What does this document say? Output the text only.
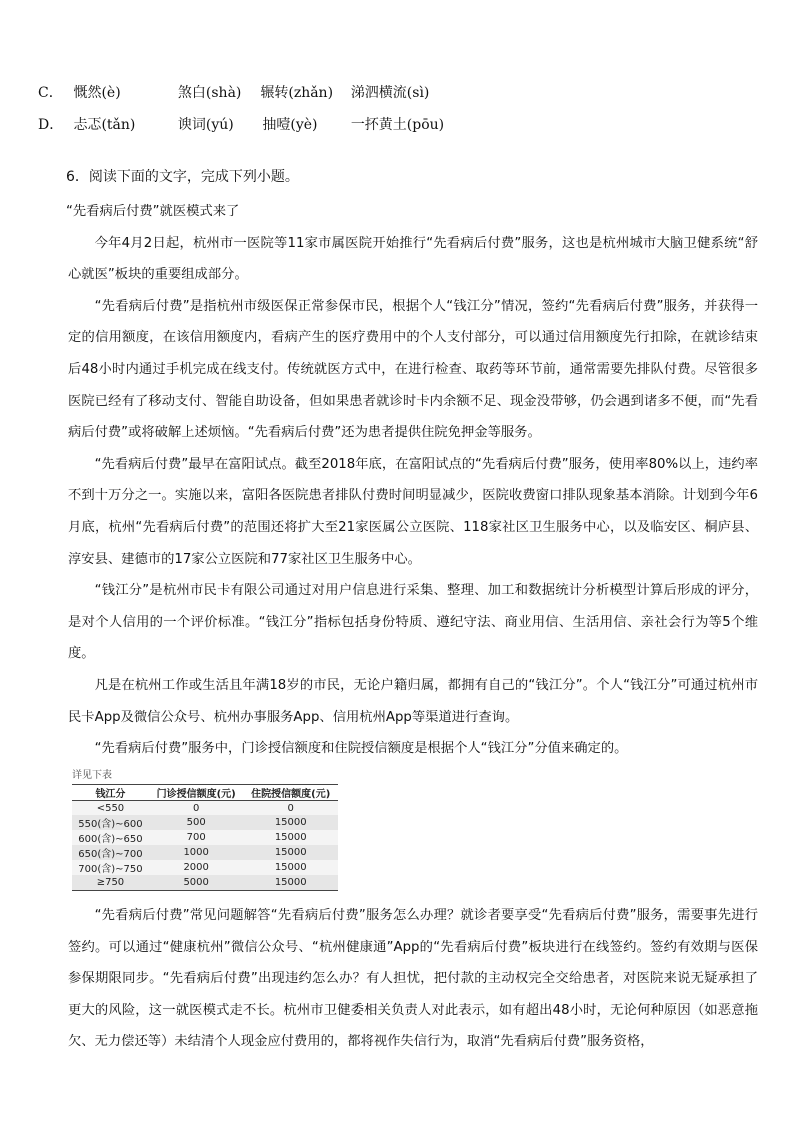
C． 慨然(è)	煞白(shà) 辗转(zhǎn) 涕泗横流(sì)
D． 忐忑(tǎn)	谀词(yú) 抽噎(yè) 一抔黄土(pōu)
6．阅读下面的文字，完成下列小题。

“先看病后付费”就医模式来了

今年4月2日起，杭州市一医院等11家市属医院开始推行“先看病后付费”服务，这也是杭州城市大脑卫健系统“舒心就医”板块的重要组成部分。

“先看病后付费”是指杭州市级医保正常参保市民，根据个人“钱江分”情况，签约“先看病后付费”服务，并获得一定的信用额度，在该信用额度内，看病产生的医疗费用中的个人支付部分，可以通过信用额度先行扣除，在就诊结束后48小时内通过手机完成在线支付。传统就医方式中，在进行检查、取药等环节前，通常需要先排队付费。尽管很多医院已经有了移动支付、智能自助设备，但如果患者就诊时卡内余额不足、现金没带够，仍会遇到诸多不便，而“先看病后付费”或将破解上述烦恼。“先看病后付费”还为患者提供住院免押金等服务。

“先看病后付费”最早在富阳试点。截至2018年底，在富阳试点的“先看病后付费”服务，使用率80%以上，违约率不到十万分之一。实施以来，富阳各医院患者排队付费时间明显减少，医院收费窗口排队现象基本消除。计划到今年6月底，杭州“先看病后付费”的范围还将扩大至21家医属公立医院、118家社区卫生服务中心，以及临安区、桐庐县、淳安县、建德市的17家公立医院和77家社区卫生服务中心。

“钱江分”是杭州市民卡有限公司通过对用户信息进行采集、整理、加工和数据统计分析模型计算后形成的评分，是对个人信用的一个评价标准。“钱江分”指标包括身份特质、遵纪守法、商业用信、生活用信、亲社会行为等5个维度。

凡是在杭州工作或生活且年满18岁的市民，无论户籍归属，都拥有自己的“钱江分”。个人“钱江分”可通过杭州市民卡App及微信公众号、杭州办事服务App、信用杭州App等渠道进行查询。

“先看病后付费”服务中，门诊授信额度和住院授信额度是根据个人“钱江分”分值来确定的。

详见下表
钱江分	门诊授信额度(元)	住院授信额度(元)
<550	0	0
550(含)~600	500	15000
600(含)~650	700	15000
650(含)~700	1000	15000
700(含)~750	2000	15000
≥750	5000	15000

“先看病后付费”常见问题解答“先看病后付费”服务怎么办理？就诊者要享受“先看病后付费”服务，需要事先进行签约。可以通过“健康杭州”微信公众号、“杭州健康通”App的“先看病后付费”板块进行在线签约。签约有效期与医保参保期限同步。“先看病后付费”出现违约怎么办？有人担忧，把付款的主动权完全交给患者，对医院来说无疑承担了更大的风险，这一就医模式走不长。杭州市卫健委相关负责人对此表示，如有超出48小时，无论何种原因（如恶意拖欠、无力偿还等）未结清个人现金应付费用的，都将视作失信行为，取消“先看病后付费”服务资格，
